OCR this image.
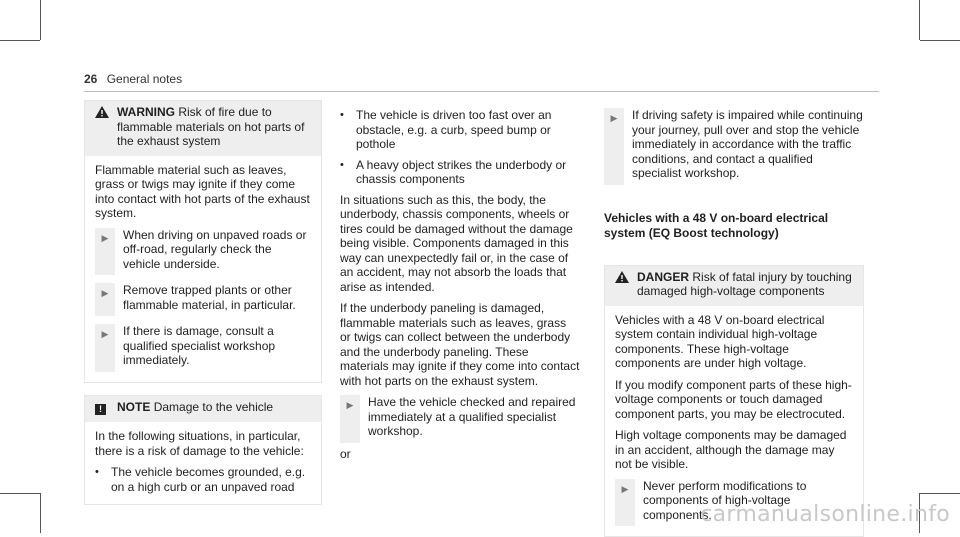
26 General notes
WARNING Risk of fire due to flammable materials on hot parts of the exhaust system

Flammable material such as leaves, grass or twigs may ignite if they come into contact with hot parts of the exhaust system.

▶	When driving on unpaved roads or off-road, regularly check the vehicle underside.
▶	Remove trapped plants or other flammable material, in particular.
▶	If there is damage, consult a qualified specialist workshop immediately.
!	NOTE Damage to the vehicle

In the following situations, in particular, there is a risk of damage to the vehicle:

•	The vehicle becomes grounded, e.g. on a high curb or an unpaved road
•	The vehicle is driven too fast over an obstacle, e.g. a curb, speed bump or pothole
•	A heavy object strikes the underbody or chassis components

In situations such as this, the body, the underbody, chassis components, wheels or tires could be damaged without the damage being visible. Components damaged in this way can unexpectedly fail or, in the case of an accident, may not absorb the loads that arise as intended.

If the underbody paneling is damaged, flammable materials such as leaves, grass or twigs can collect between the underbody and the underbody paneling. These materials may ignite if they come into contact with hot parts on the exhaust system.

▶	Have the vehicle checked and repaired immediately at a qualified specialist workshop.
or
▶	If driving safety is impaired while continuing your journey, pull over and stop the vehicle immediately in accordance with the traffic conditions, and contact a qualified specialist workshop.
Vehicles with a 48 V on-board electrical system (EQ Boost technology)
DANGER Risk of fatal injury by touching damaged high-voltage components

Vehicles with a 48 V on-board electrical system contain individual high-voltage components. These high-voltage components are under high voltage.

If you modify component parts of these high-voltage components or touch damaged component parts, you may be electrocuted.

High voltage components may be damaged in an accident, although the damage may not be visible.

▶	Never perform modifications to components of high-voltage components.
carmanualsonline.info
